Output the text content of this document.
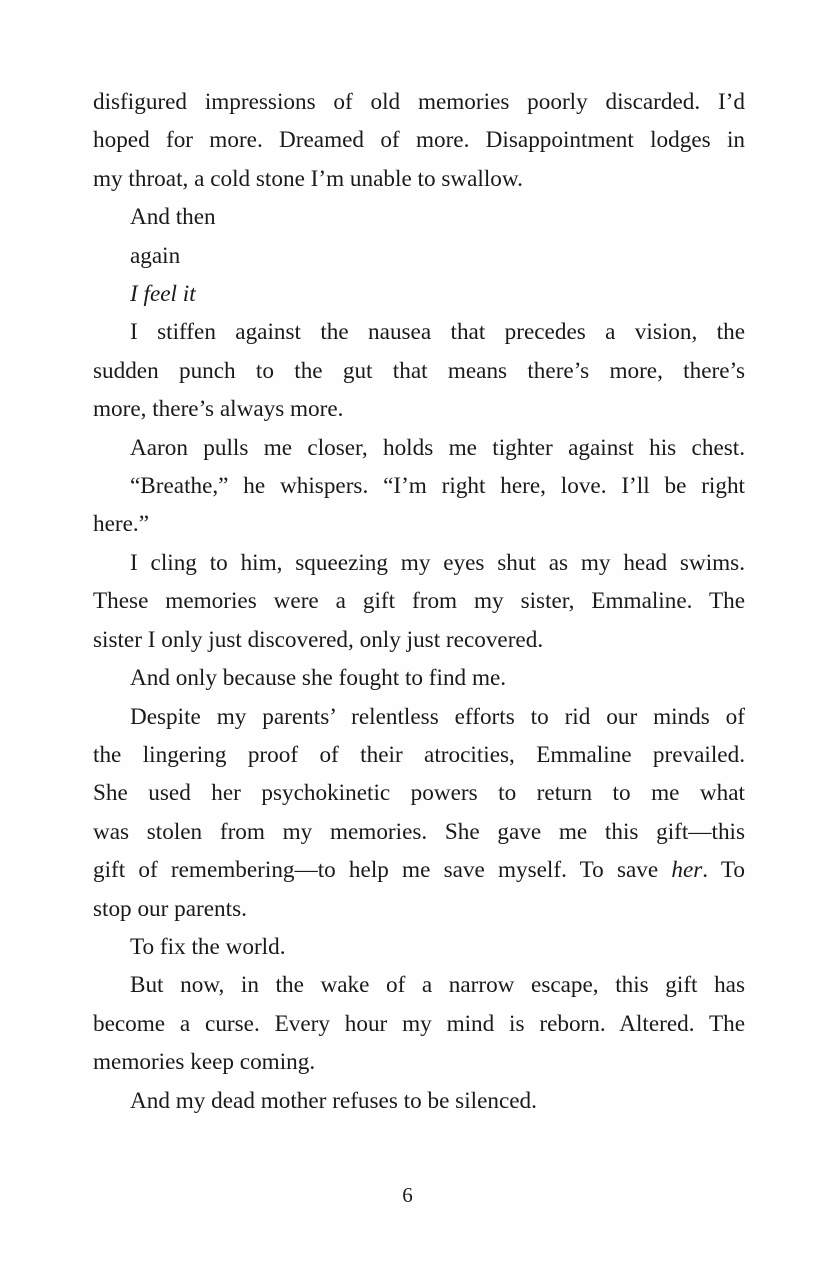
disfigured impressions of old memories poorly discarded. I’d
hoped for more. Dreamed of more. Disappointment lodges in
my throat, a cold stone I’m unable to swallow.
And then
again
I feel it
I stiffen against the nausea that precedes a vision, the
sudden punch to the gut that means there’s more, there’s
more, there’s always more.
Aaron pulls me closer, holds me tighter against his chest.
“Breathe,” he whispers. “I’m right here, love. I’ll be right
here.”
I cling to him, squeezing my eyes shut as my head swims.
These memories were a gift from my sister, Emmaline. The
sister I only just discovered, only just recovered.
And only because she fought to find me.
Despite my parents’ relentless efforts to rid our minds of
the lingering proof of their atrocities, Emmaline prevailed.
She used her psychokinetic powers to return to me what
was stolen from my memories. She gave me this gift—this
gift of remembering—to help me save myself. To save her. To
stop our parents.
To fix the world.
But now, in the wake of a narrow escape, this gift has
become a curse. Every hour my mind is reborn. Altered. The
memories keep coming.
And my dead mother refuses to be silenced.
6
